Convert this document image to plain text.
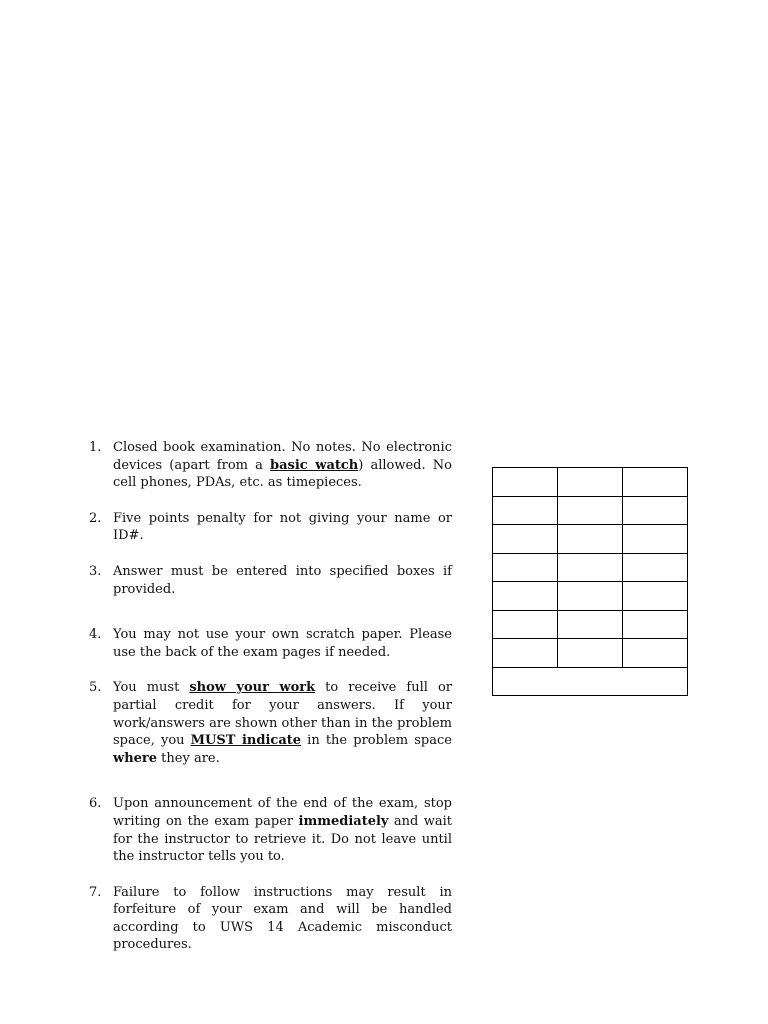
1. Closed book examination. No notes. No electronic devices (apart from a basic watch) allowed. No cell phones, PDAs, etc. as timepieces.
2. Five points penalty for not giving your name or ID#.
3. Answer must be entered into specified boxes if provided.
4. You may not use your own scratch paper. Please use the back of the exam pages if needed.
5. You must show your work to receive full or partial credit for your answers. If your work/answers are shown other than in the problem space, you MUST indicate in the problem space where they are.
6. Upon announcement of the end of the exam, stop writing on the exam paper immediately and wait for the instructor to retrieve it. Do not leave until the instructor tells you to.
7. Failure to follow instructions may result in forfeiture of your exam and will be handled according to UWS 14 Academic misconduct procedures.
